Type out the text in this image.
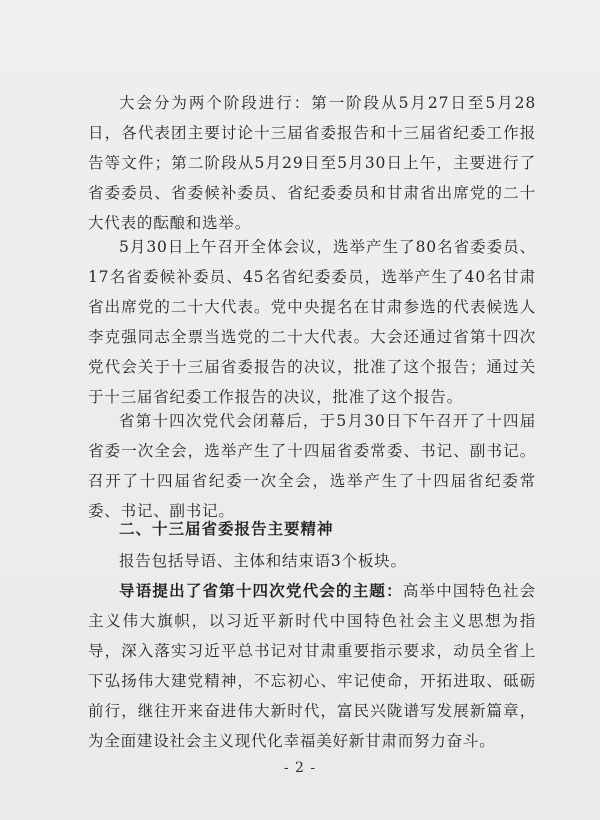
大会分为两个阶段进行：第一阶段从5月27日至5月28日，各代表团主要讨论十三届省委报告和十三届省纪委工作报告等文件；第二阶段从5月29日至5月30日上午，主要进行了省委委员、省委候补委员、省纪委委员和甘肃省出席党的二十大代表的酝酿和选举。

5月30日上午召开全体会议，选举产生了80名省委委员、17名省委候补委员、45名省纪委委员，选举产生了40名甘肃省出席党的二十大代表。党中央提名在甘肃参选的代表候选人李克强同志全票当选党的二十大代表。大会还通过省第十四次党代会关于十三届省委报告的决议，批准了这个报告；通过关于十三届省纪委工作报告的决议，批准了这个报告。

省第十四次党代会闭幕后，于5月30日下午召开了十四届省委一次全会，选举产生了十四届省委常委、书记、副书记。召开了十四届省纪委一次全会，选举产生了十四届省纪委常委、书记、副书记。

二、十三届省委报告主要精神

报告包括导语、主体和结束语3个板块。

导语提出了省第十四次党代会的主题：高举中国特色社会主义伟大旗帜，以习近平新时代中国特色社会主义思想为指导，深入落实习近平总书记对甘肃重要指示要求，动员全省上下弘扬伟大建党精神，不忘初心、牢记使命，开拓进取、砥砺前行，继往开来奋进伟大新时代，富民兴陇谱写发展新篇章，为全面建设社会主义现代化幸福美好新甘肃而努力奋斗。

- 2 -
